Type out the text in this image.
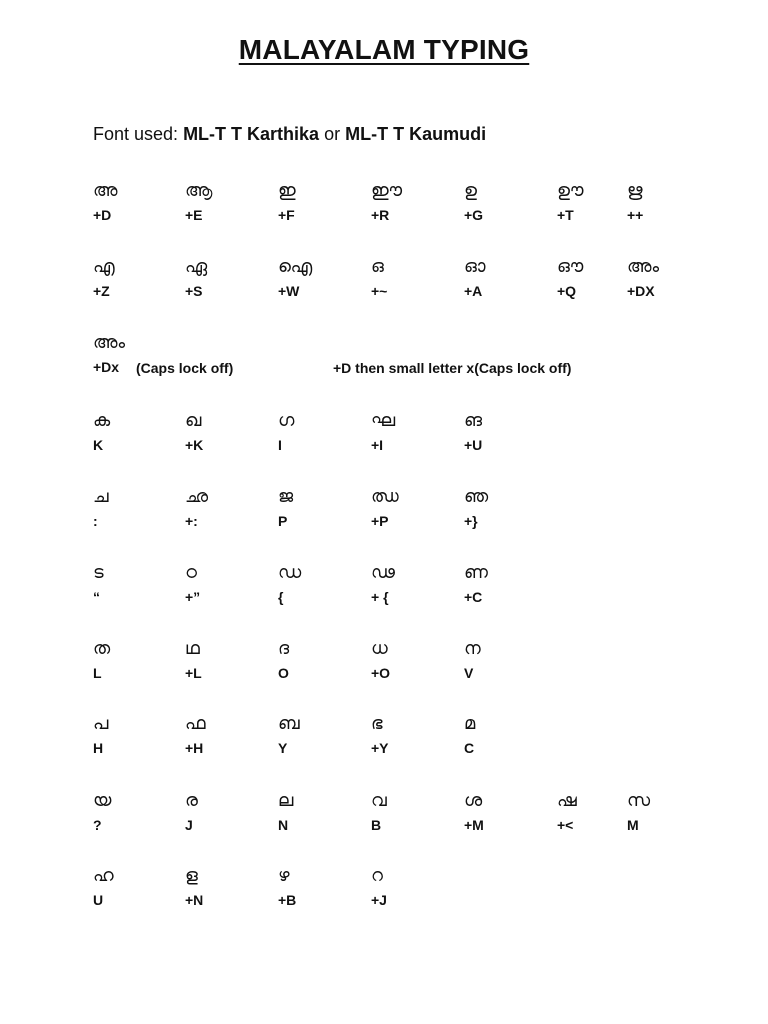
MALAYALAM TYPING
Font used: ML-T T Karthika or ML-T T Kaumudi
അ
+D
ആ
+E
ഇ
+F
ഈ
+R
ഉ
+G
ഊ
+T
ഋ
++
എ
+Z
ഏ
+S
ഐ
+W
ഒ
+~
ഓ
+A
ഔ
+Q
അം
+DX
അം
+Dx
ക
K
ഖ
+K
ഗ
I
ഘ
+I
ങ
+U
ച
:
ഛ
+:
ജ
P
ഝ
+P
ഞ
+}
ട
“
ഠ
+”
ഡ
{
ഢ
+ {
ണ
+C
ത
L
ഥ
+L
ദ
O
ധ
+O
ന
V
പ
H
ഫ
+H
ബ
Y
ഭ
+Y
മ
C
യ
?
ര
J
ല
N
വ
B
ശ
+M
ഷ
+<
സ
M
ഹ
U
ള
+N
ഴ
+B
റ
+J
(Caps lock off)	+D then small letter x(Caps lock off)
